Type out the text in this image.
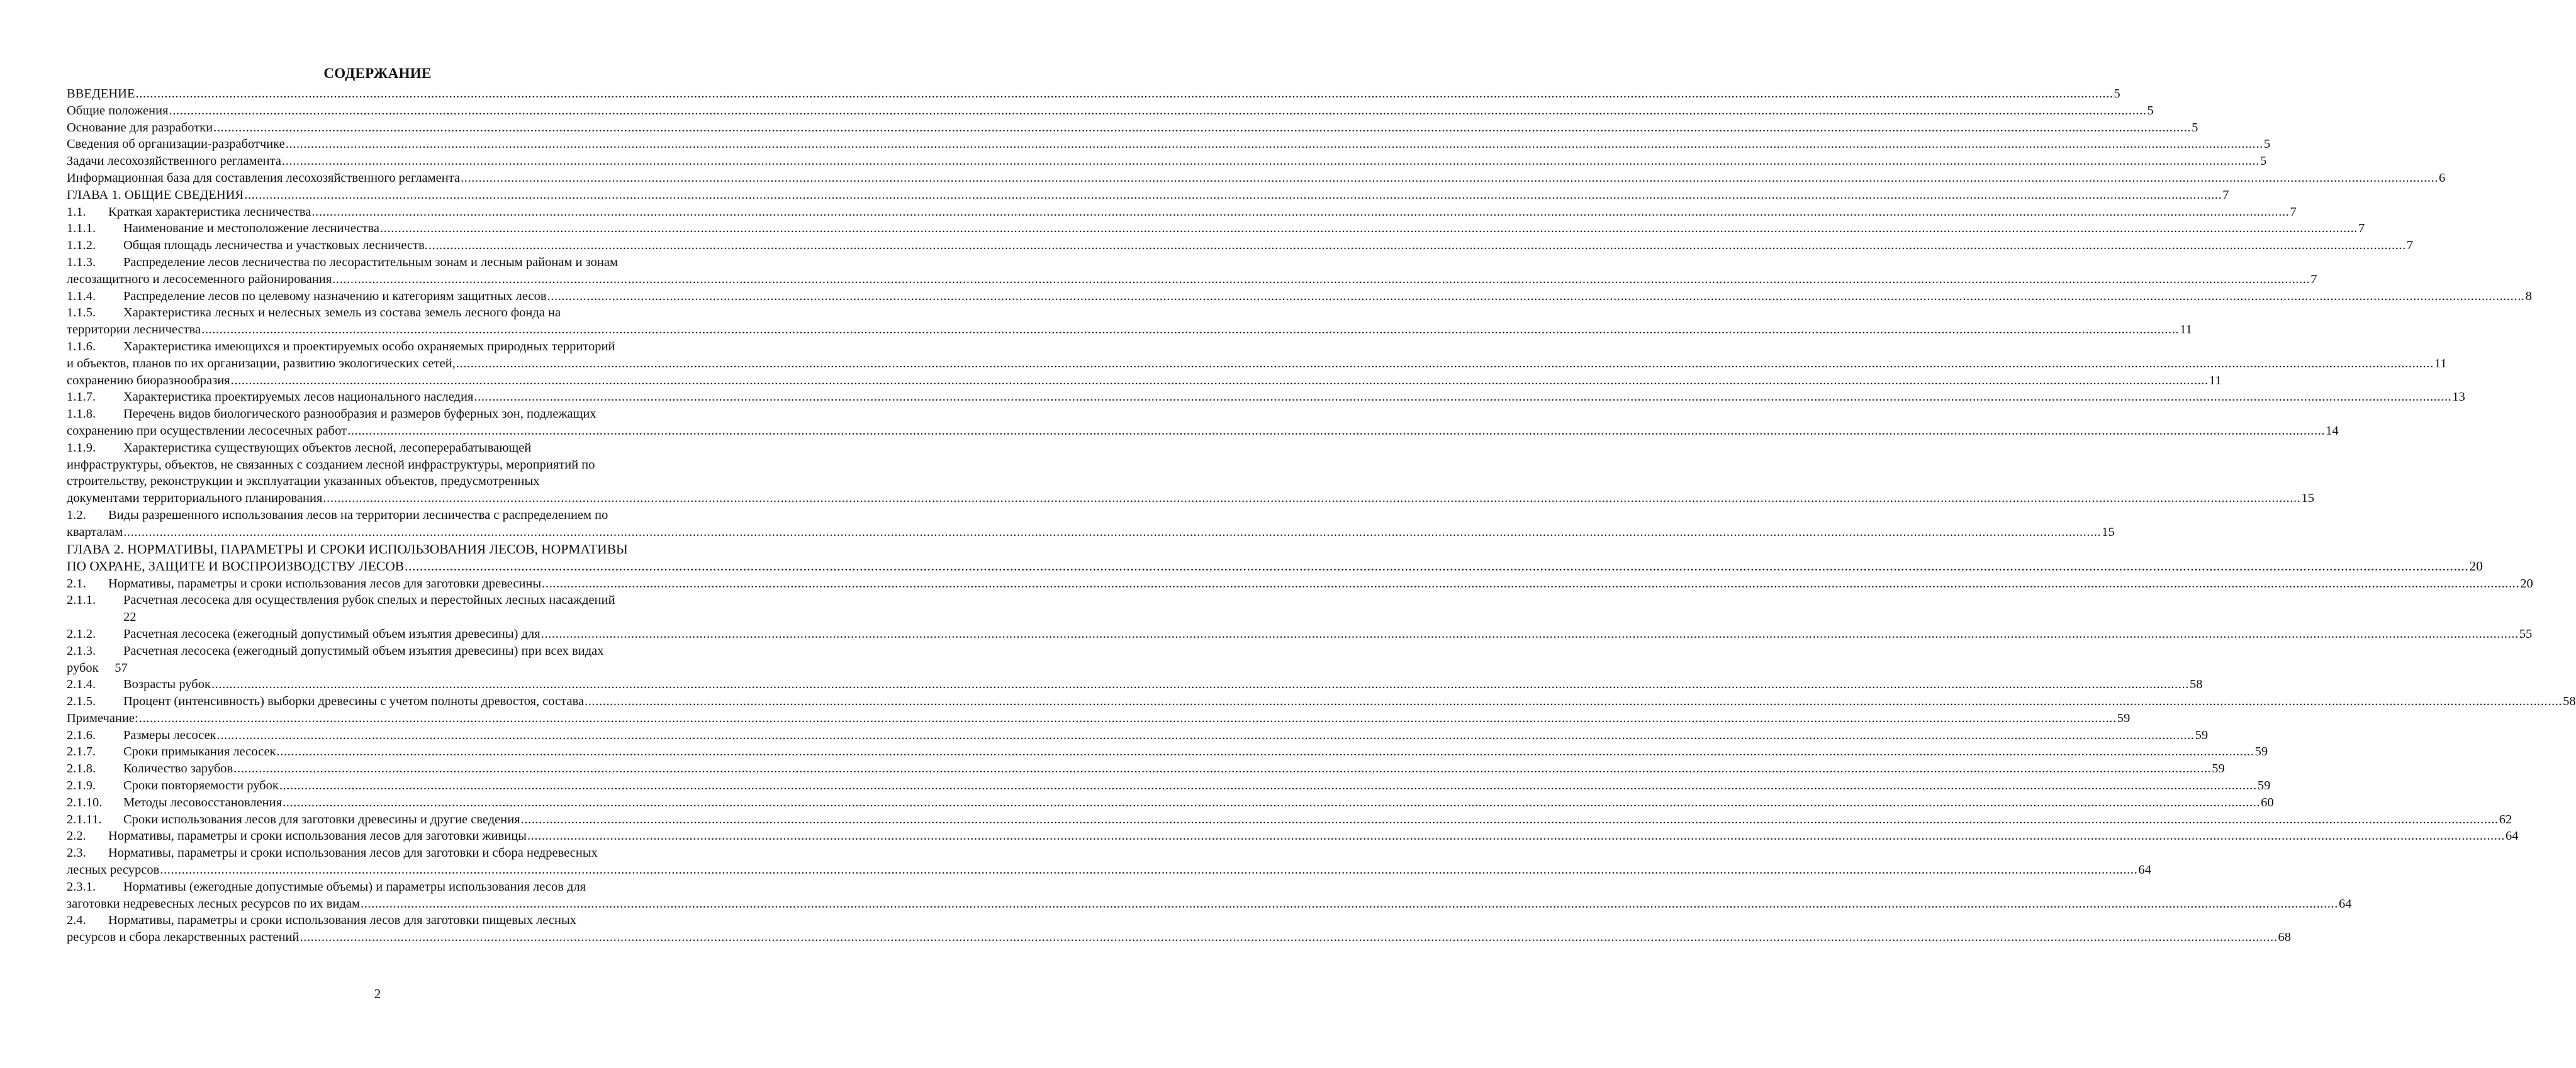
СОДЕРЖАНИЕ
ВВЕДЕНИЕ .....	5
Общие положения .....	5
Основание для разработки .....	5
Сведения об организации-разработчике .....	5
Задачи лесохозяйственного регламента .....	5
Информационная база для составления лесохозяйственного регламента .....	6
ГЛАВА 1. ОБЩИЕ СВЕДЕНИЯ .....	7
1.1.	Краткая характеристика лесничества .....	7
1.1.1.	Наименование и местоположение лесничества .....	7
1.1.2.	Общая площадь лесничества и участковых лесничеств. .....	7
1.1.3.	Распределение лесов лесничества по лесорастительным зонам и лесным районам и зонам
лесозащитного и лесосеменного районирования .....	7
1.1.4.	Распределение лесов по целевому назначению и категориям защитных лесов .....	8
1.1.5.	Характеристика лесных и нелесных земель из состава земель лесного фонда на
территории лесничества .....	11
1.1.6.	Характеристика имеющихся и проектируемых особо охраняемых природных территорий
и объектов, планов по их организации, развитию экологических сетей, .....	11
сохранению биоразнообразия .....	11
1.1.7.	Характеристика проектируемых лесов национального наследия .....	13
1.1.8.	Перечень видов биологического разнообразия и размеров буферных зон, подлежащих
сохранению при осуществлении лесосечных работ .....	14
1.1.9.	Характеристика существующих объектов лесной, лесоперерабатывающей
инфраструктуры, объектов, не связанных с созданием лесной инфраструктуры, мероприятий по
строительству, реконструкции и эксплуатации указанных объектов, предусмотренных
документами территориального планирования .....	15
1.2.	Виды разрешенного использования лесов на территории лесничества с распределением по
кварталам .....	15
ГЛАВА 2. НОРМАТИВЫ, ПАРАМЕТРЫ И СРОКИ ИСПОЛЬЗОВАНИЯ ЛЕСОВ, НОРМАТИВЫ
ПО ОХРАНЕ, ЗАЩИТЕ И ВОСПРОИЗВОДСТВУ ЛЕСОВ .....	20
2.1.	Нормативы, параметры и сроки использования лесов для заготовки древесины .....	20
2.1.1.	Расчетная лесосека для осуществления рубок спелых и перестойных лесных насаждений
22
2.1.2.	Расчетная лесосека (ежегодный допустимый объем изъятия древесины) для .....	55
2.1.3.	Расчетная лесосека (ежегодный допустимый объем изъятия древесины) при всех видах
рубок     57
2.1.4.	Возрасты рубок .....	58
2.1.5.	Процент (интенсивность) выборки древесины с учетом полноты древостоя, состава .....	58
Примечание: .....	59
2.1.6.	Размеры лесосек .....	59
2.1.7.	Сроки примыкания лесосек .....	59
2.1.8.	Количество зарубов .....	59
2.1.9.	Сроки повторяемости рубок .....	59
2.1.10.	Методы лесовосстановления .....	60
2.1.11.	Сроки использования лесов для заготовки древесины и другие сведения .....	62
2.2.	Нормативы, параметры и сроки использования лесов для заготовки живицы .....	64
2.3.	Нормативы, параметры и сроки использования лесов для заготовки и сбора недревесных
лесных ресурсов .....	64
2.3.1.	Нормативы (ежегодные допустимые объемы) и параметры использования лесов для
заготовки недревесных лесных ресурсов по их видам .....	64
2.4.	Нормативы, параметры и сроки использования лесов для заготовки пищевых лесных
ресурсов и сбора лекарственных растений .....	68
2
